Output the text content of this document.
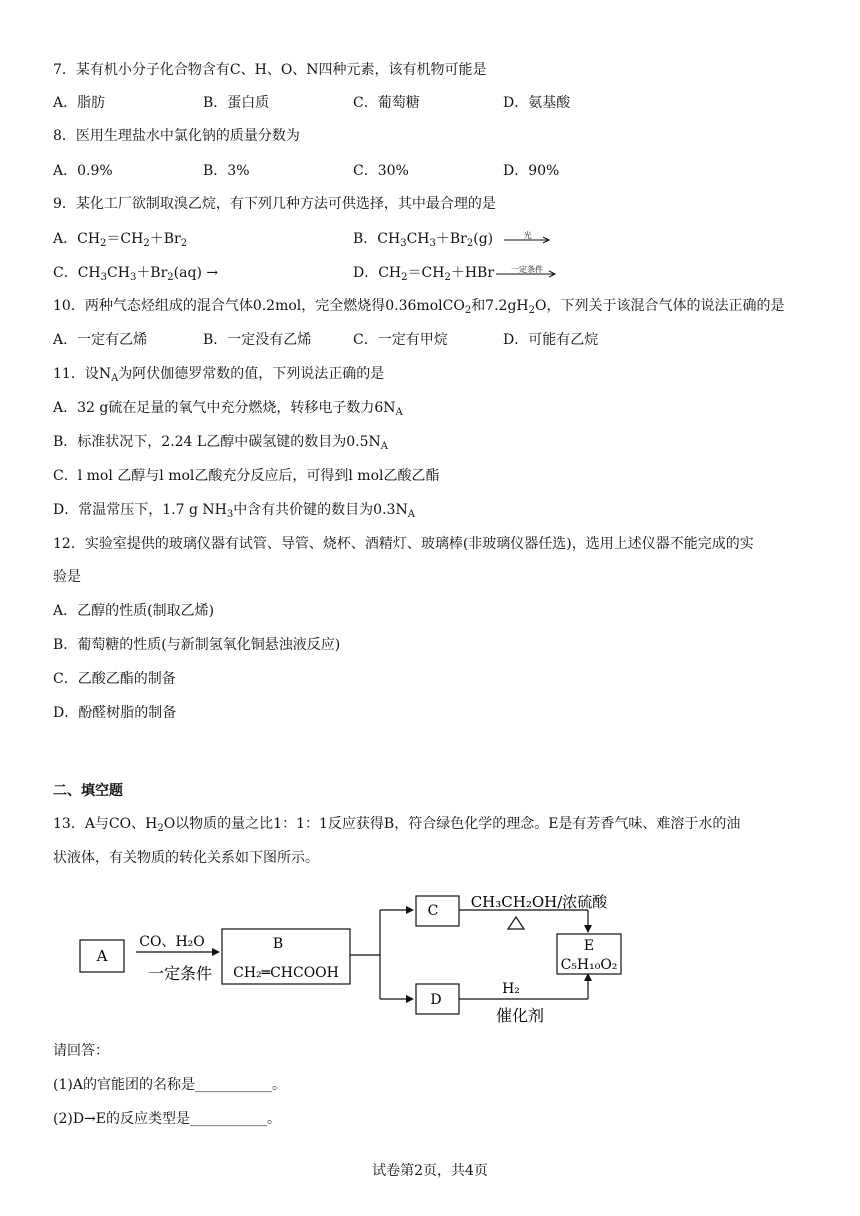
7．某有机小分子化合物含有C、H、O、N四种元素，该有机物可能是
A．脂肪	B．蛋白质	C．葡萄糖	D．氨基酸
8．医用生理盐水中氯化钠的质量分数为
A．0.9%	B．3%	C．30%	D．90%
9．某化工厂欲制取溴乙烷，有下列几种方法可供选择，其中最合理的是
A．$CH_2=CH_2+Br_2$	B．$CH_3CH_3+Br_2(g)$	光
C．$CH_3CH_3+Br_2(aq)$ →	D．$CH_2=CH_2+HBr$	一定条件
10．两种气态烃组成的混合气体0.2mol，完全燃烧得0.36molCO$_2$和$7.2gH_2O$，下列关于该混合气体的说法正确的是
A．一定有乙烯	B．一定没有乙烯	C．一定有甲烷	D．可能有乙烷
11．设$N_A$为阿伏伽德罗常数的值，下列说法正确的是
A．32 g硫在足量的氧气中充分燃烧，转移电子数力$6N_A$
B．标准状况下，2.24 L乙醇中碳氢键的数目为$0.5N_A$
C．l mol 乙醇与l mol乙酸充分反应后，可得到l mol乙酸乙酯
D．常温常压下，1.7 g $NH_3$中含有共价键的数目为$0.3N_A$
12．实验室提供的玻璃仪器有试管、导管、烧杯、酒精灯、玻璃棒(非玻璃仪器任选)，选用上述仪器不能完成的实
验是
A．乙醇的性质(制取乙烯)
B．葡萄糖的性质(与新制氢氧化铜悬浊液反应)
C．乙酸乙酯的制备
D．酚醛树脂的制备
二、填空题
13．A与CO、$H_2O$以物质的量之比1：1：1反应获得B，符合绿色化学的理念。E是有芳香气味、难溶于水的油
状液体，有关物质的转化关系如下图所示。
A
CO、H₂O
一定条件
B
CH₂═CHCOOH
C
D
CH₃CH₂OH/浓硫酸
H₂
催化剂
E
C₅H₁₀O₂
请回答：
(1)A的官能团的名称是___________。
(2)D→E的反应类型是___________。
试卷第2页，共4页
